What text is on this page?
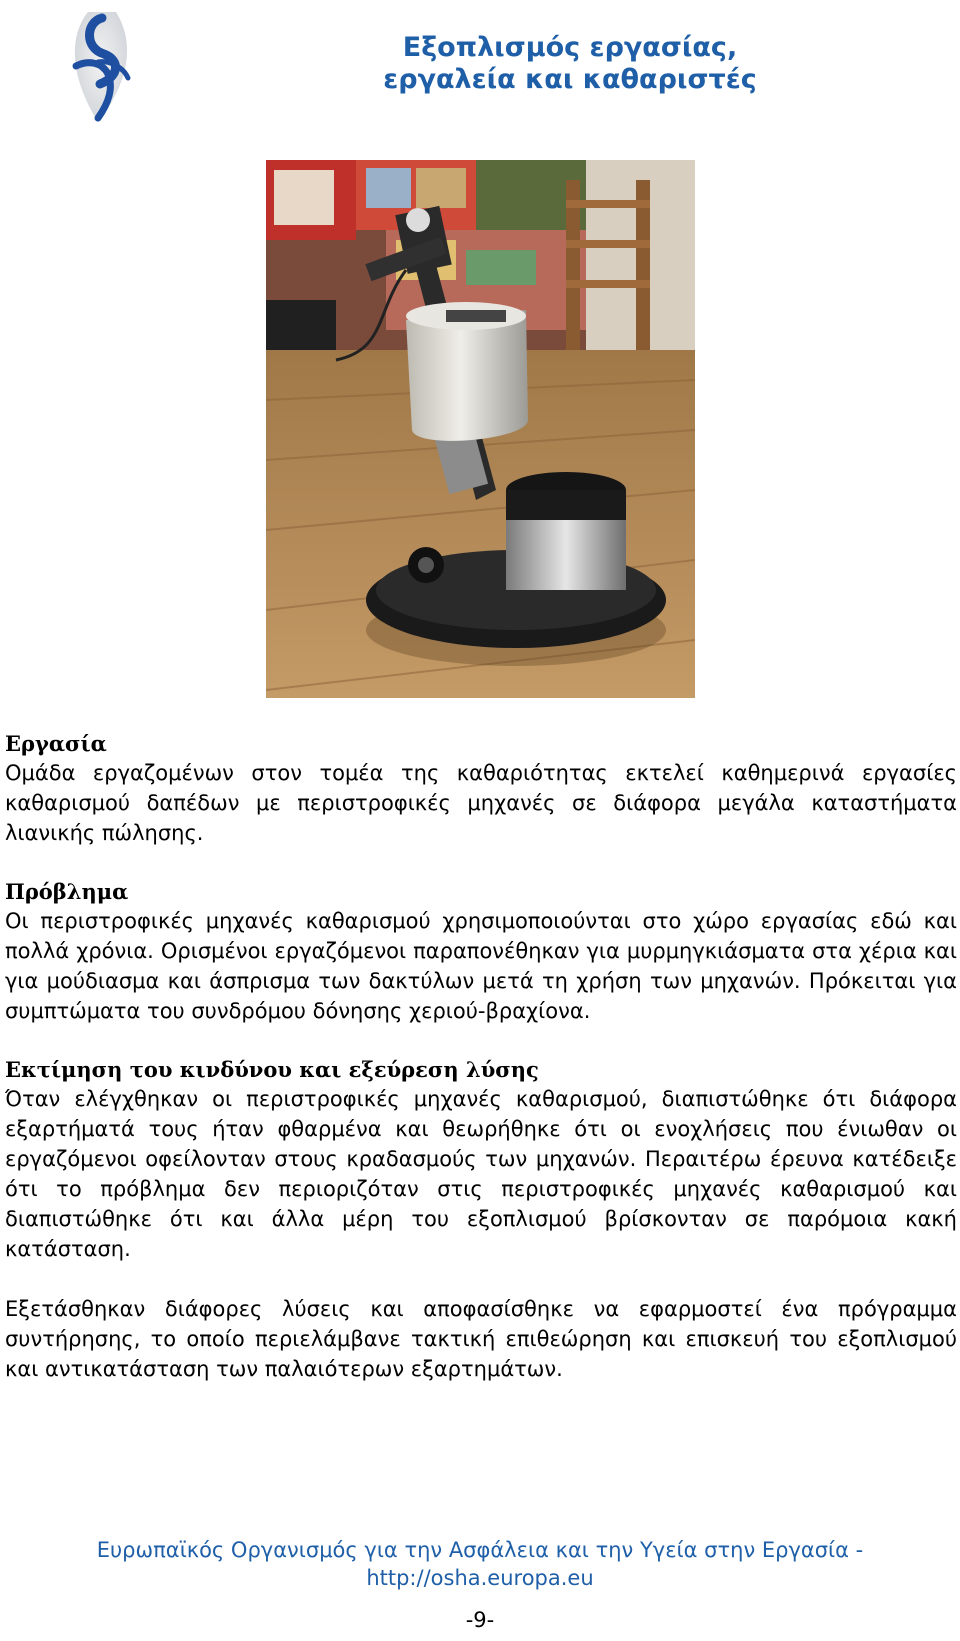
Εξοπλισμός εργασίας,
εργαλεία και καθαριστές

Εργασία

Ομάδα εργαζομένων στον τομέα της καθαριότητας εκτελεί καθημερινά εργασίες καθαρισμού δαπέδων με περιστροφικές μηχανές σε διάφορα μεγάλα καταστήματα λιανικής πώλησης.

Πρόβλημα

Οι περιστροφικές μηχανές καθαρισμού χρησιμοποιούνται στο χώρο εργασίας εδώ και πολλά χρόνια. Ορισμένοι εργαζόμενοι παραπονέθηκαν για μυρμηγκιάσματα στα χέρια και για μούδιασμα και άσπρισμα των δακτύλων μετά τη χρήση των μηχανών. Πρόκειται για συμπτώματα του συνδρόμου δόνησης χεριού-βραχίονα.

Εκτίμηση του κινδύνου και εξεύρεση λύσης

Όταν ελέγχθηκαν οι περιστροφικές μηχανές καθαρισμού, διαπιστώθηκε ότι διάφορα εξαρτήματά τους ήταν φθαρμένα και θεωρήθηκε ότι οι ενοχλήσεις που ένιωθαν οι εργαζόμενοι οφείλονταν στους κραδασμούς των μηχανών. Περαιτέρω έρευνα κατέδειξε ότι το πρόβλημα δεν περιοριζόταν στις περιστροφικές μηχανές καθαρισμού και διαπιστώθηκε ότι και άλλα μέρη του εξοπλισμού βρίσκονταν σε παρόμοια κακή κατάσταση.

Εξετάσθηκαν διάφορες λύσεις και αποφασίσθηκε να εφαρμοστεί ένα πρόγραμμα συντήρησης, το οποίο περιελάμβανε τακτική επιθεώρηση και επισκευή του εξοπλισμού και αντικατάσταση των παλαιότερων εξαρτημάτων.

Ευρωπαϊκός Οργανισμός για την Ασφάλεια και την Υγεία στην Εργασία -
http://osha.europa.eu
-9-
